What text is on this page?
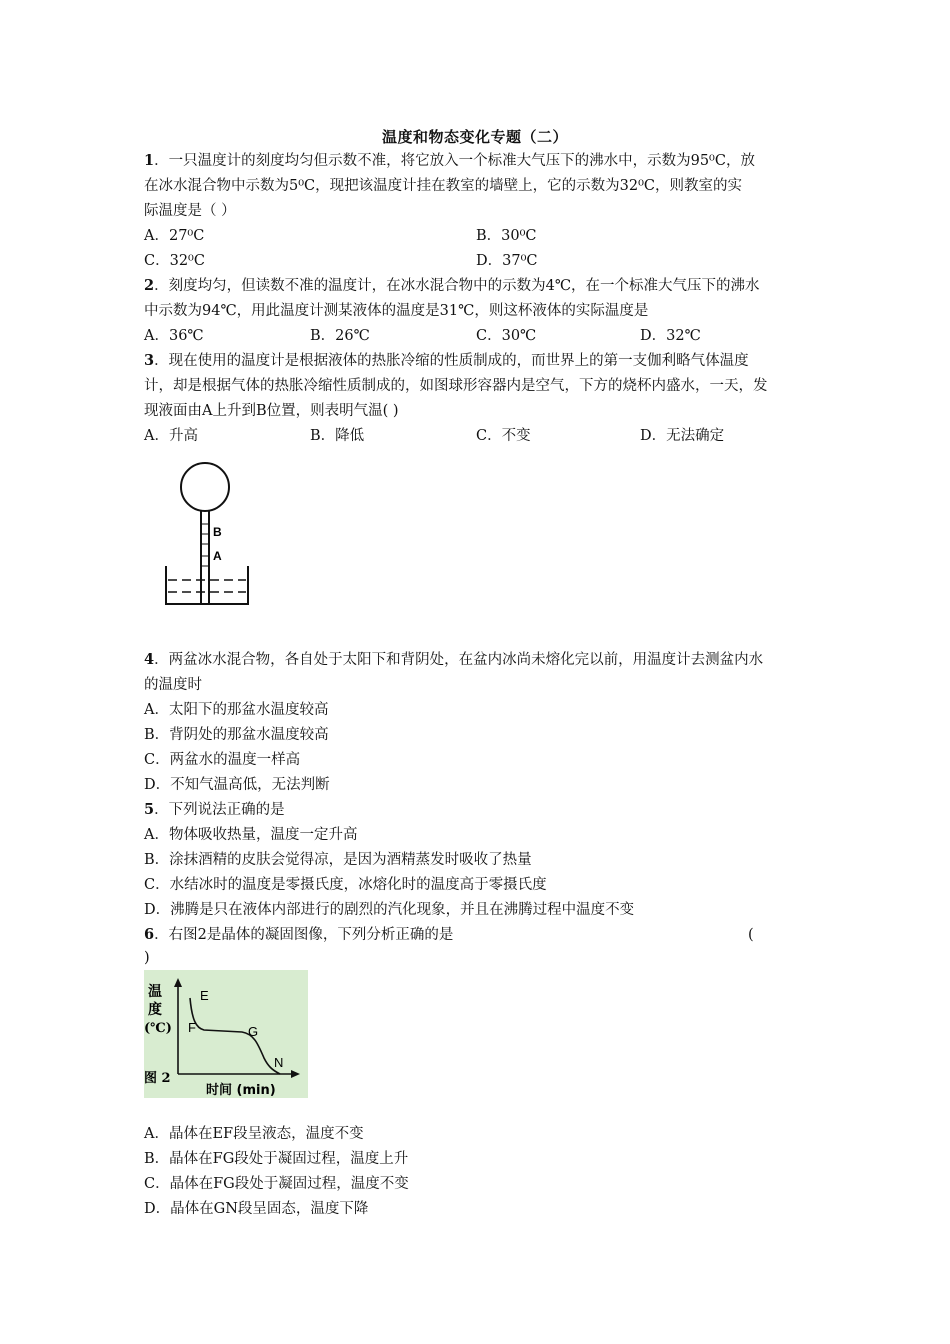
温度和物态变化专题（二）
1．一只温度计的刻度均匀但示数不准，将它放入一个标准大气压下的沸水中，示数为95⁰C，放
在冰水混合物中示数为5⁰C，现把该温度计挂在教室的墙壁上，它的示数为32⁰C，则教室的实
际温度是（ ）
A．27⁰C	B．30⁰C
C．32⁰C	D．37⁰C
2．刻度均匀，但读数不准的温度计，在冰水混合物中的示数为4℃，在一个标准大气压下的沸水
中示数为94℃，用此温度计测某液体的温度是31℃，则这杯液体的实际温度是
A．36℃	B．26℃	C．30℃	D．32℃
3．现在使用的温度计是根据液体的热胀冷缩的性质制成的，而世界上的第一支伽利略气体温度
计，却是根据气体的热胀冷缩性质制成的，如图球形容器内是空气，下方的烧杯内盛水，一天，发
现液面由A上升到B位置，则表明气温( )
A．升高	B．降低	C．不变	D．无法确定
B
A
4．两盆冰水混合物，各自处于太阳下和背阴处，在盆内冰尚未熔化完以前，用温度计去测盆内水
的温度时
A．太阳下的那盆水温度较高
B．背阴处的那盆水温度较高
C．两盆水的温度一样高
D．不知气温高低，无法判断
5．下列说法正确的是
A．物体吸收热量，温度一定升高
B．涂抹酒精的皮肤会觉得凉，是因为酒精蒸发时吸收了热量
C．水结冰时的温度是零摄氏度，冰熔化时的温度高于零摄氏度
D．沸腾是只在液体内部进行的剧烈的汽化现象，并且在沸腾过程中温度不变
6．右图2是晶体的凝固图像，下列分析正确的是	(
)
温
度
(℃)
E
F	G
N
图 2
时间 (min)
A．晶体在EF段呈液态，温度不变
B．晶体在FG段处于凝固过程，温度上升
C．晶体在FG段处于凝固过程，温度不变
D．晶体在GN段呈固态，温度下降
